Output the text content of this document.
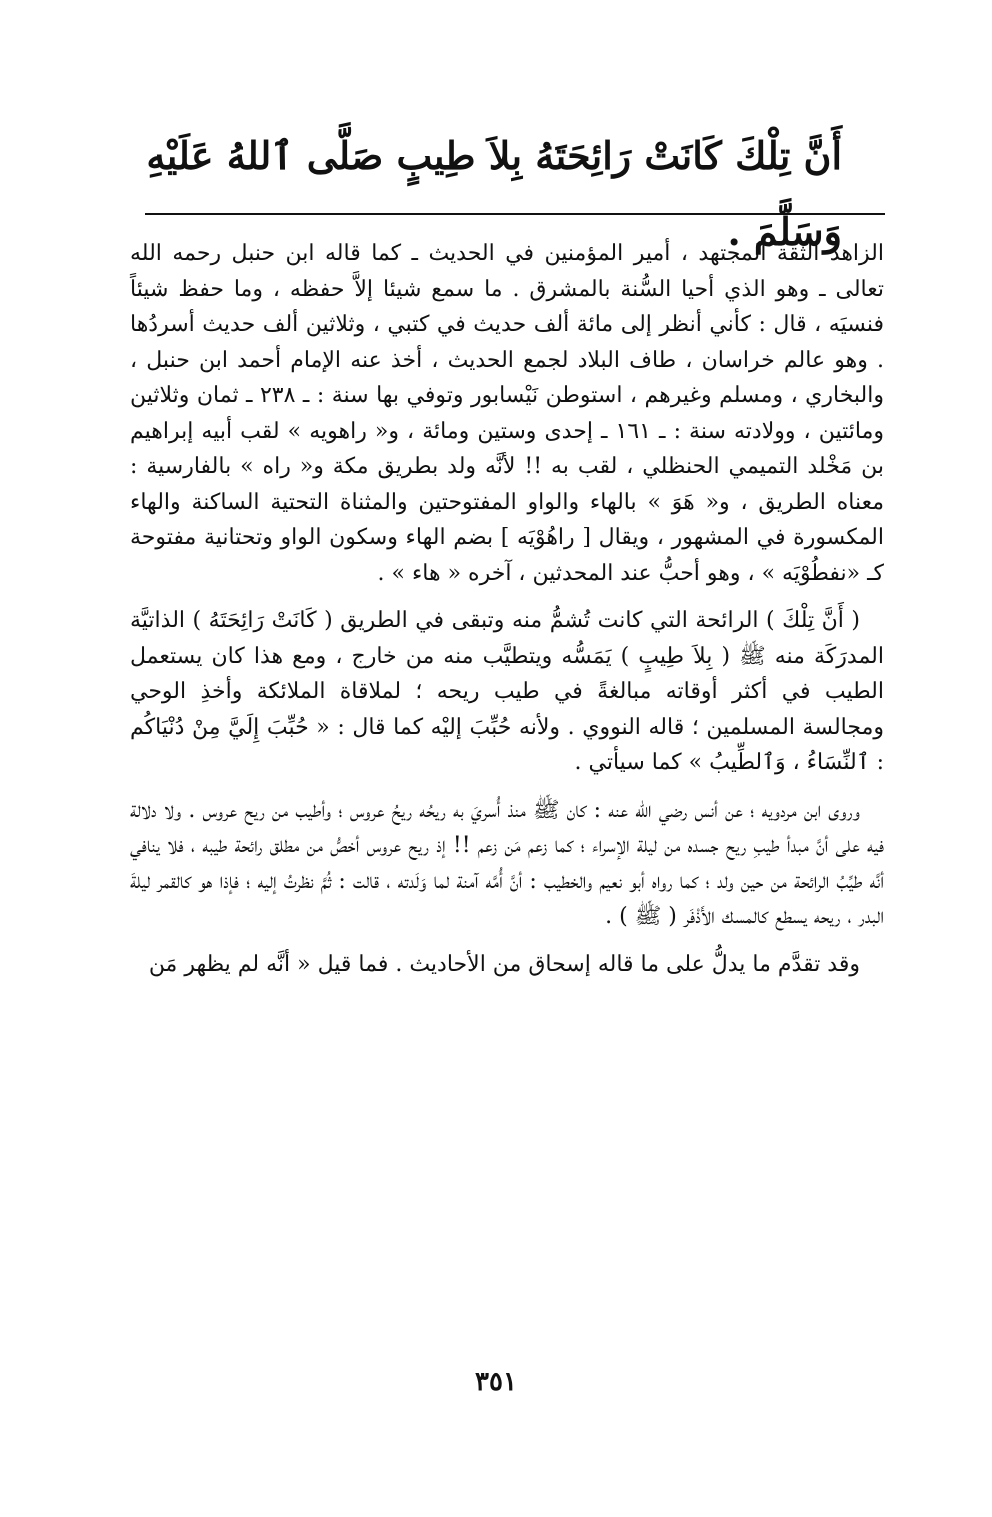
أَنَّ تِلْكَ كَانَتْ رَائِحَتَهُ بِلاَ طِيبٍ صَلَّى ٱللهُ عَلَيْهِ وَسَلَّمَ .

الزاهد الثقة المجتهد ، أمير المؤمنين في الحديث ـ كما قاله ابن حنبل رحمه الله تعالى ـ وهو الذي أحيا السُّنة بالمشرق . ما سمع شيئا إلاَّ حفظه ، وما حفظ شيئاً فنسيَه ، قال : كأني أنظر إلى مائة ألف حديث في كتبي ، وثلاثين ألف حديث أسردُها . وهو عالم خراسان ، طاف البلاد لجمع الحديث ، أخذ عنه الإمام أحمد ابن حنبل ، والبخاري ، ومسلم وغيرهم ، استوطن نَيْسابور وتوفي بها سنة : ـ ٢٣٨ ـ ثمان وثلاثين ومائتين ، وولادته سنة : ـ ١٦١ ـ إحدى وستين ومائة ، و« راهويه » لقب أبيه إبراهيم بن مَخْلد التميمي الحنظلي ، لقب به !! لأنَّه ولد بطريق مكة و« راه » بالفارسية : معناه الطريق ، و« هَوَ » بالهاء والواو المفتوحتين والمثناة التحتية الساكنة والهاء المكسورة في المشهور ، ويقال [ راهُوْيَه ] بضم الهاء وسكون الواو وتحتانية مفتوحة كـ «نفطُوْيَه » ، وهو أحبُّ عند المحدثين ، آخره « هاء » .

( أَنَّ تِلْكَ ) الرائحة التي كانت تُشمُّ منه وتبقى في الطريق ( كَانَتْ رَائِحَتَهُ ) الذاتيَّة المدرَكَة منه ﷺ ( بِلاَ طِيبٍ ) يَمَسُّه ويتطيَّب منه من خارج ، ومع هذا كان يستعمل الطيب في أكثر أوقاته مبالغةً في طيب ريحه ؛ لملاقاة الملائكة وأخذِ الوحي ومجالسة المسلمين ؛ قاله النووي . ولأنه حُبِّبَ إليْه كما قال : « حُبِّبَ إِلَيَّ مِنْ دُنْيَاكُم : ٱلنِّسَاءُ ، وَٱلطِّيبُ » كما سيأتي .

وروى ابن مردويه ؛ عن أنس رضي الله عنه : كان ﷺ منذ أُسريَ به ريحُه ريحُ عروس ؛ وأطيب من ريح عروس . ولا دلالة فيه على أنَّ مبدأ طيبِ ريح جسده من ليلة الإسراء ؛ كما زعم مَن زعم !! إذ ريح عروس أخصُّ من مطلق رائحة طيبه ، فلا ينافي أنَّه طيِّبُ الرائحة من حين ولد ؛ كما رواه أبو نعيم والخطيب : أنَّ أُمَّه آمنة لما وَلَدته ، قالت : ثُمَّ نظرتُ إليه ؛ فإذا هو كالقمر ليلةَ البدر ، ريحه يسطع كالمسك الأَذْفَر ( ﷺ ) .

وقد تقدَّم ما يدلُّ على ما قاله إسحاق من الأحاديث . فما قيل « أنَّه لم يظهر مَن

٣٥١
